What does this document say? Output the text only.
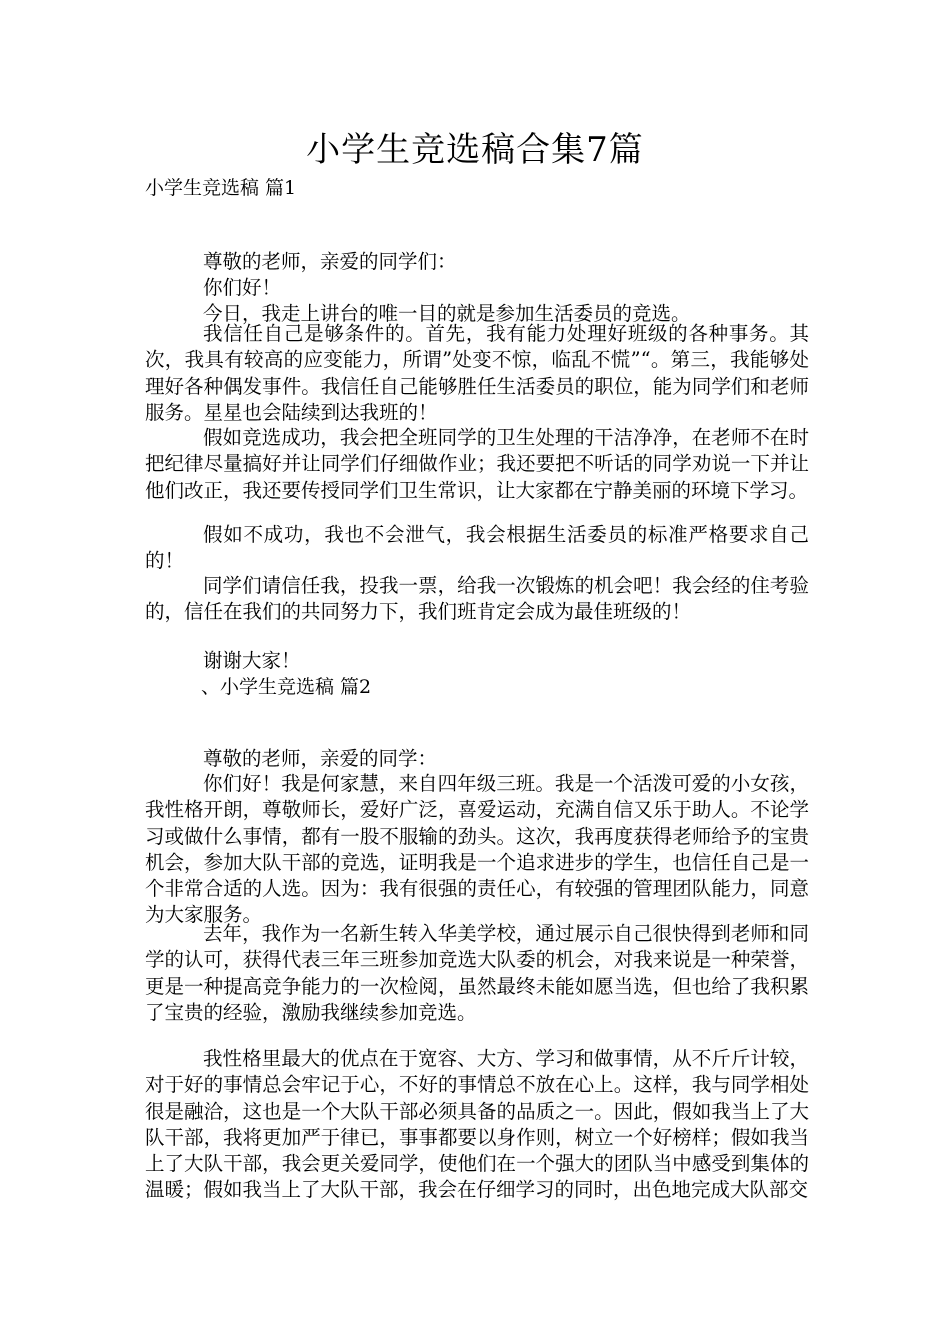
小学生竞选稿合集7篇
小学生竞选稿 篇1
尊敬的老师，亲爱的同学们：
你们好！
今日，我走上讲台的唯一目的就是参加生活委员的竞选。
我信任自己是够条件的。首先，我有能力处理好班级的各种事务。其次，我具有较高的应变能力，所谓”处变不惊，临乱不慌”“。第三，我能够处理好各种偶发事件。我信任自己能够胜任生活委员的职位，能为同学们和老师服务。星星也会陆续到达我班的！
假如竞选成功，我会把全班同学的卫生处理的干洁净净，在老师不在时把纪律尽量搞好并让同学们仔细做作业；我还要把不听话的同学劝说一下并让他们改正，我还要传授同学们卫生常识，让大家都在宁静美丽的环境下学习。
假如不成功，我也不会泄气，我会根据生活委员的标准严格要求自己的！
同学们请信任我，投我一票，给我一次锻炼的机会吧！我会经的住考验的，信任在我们的共同努力下，我们班肯定会成为最佳班级的！
谢谢大家！
、小学生竞选稿 篇2
尊敬的老师，亲爱的同学：
你们好！我是何家慧，来自四年级三班。我是一个活泼可爱的小女孩，我性格开朗，尊敬师长，爱好广泛，喜爱运动，充满自信又乐于助人。不论学习或做什么事情，都有一股不服输的劲头。这次，我再度获得老师给予的宝贵机会，参加大队干部的竞选，证明我是一个追求进步的学生，也信任自己是一个非常合适的人选。因为：我有很强的责任心，有较强的管理团队能力，同意为大家服务。
去年，我作为一名新生转入华美学校，通过展示自己很快得到老师和同学的认可，获得代表三年三班参加竞选大队委的机会，对我来说是一种荣誉，更是一种提高竞争能力的一次检阅，虽然最终未能如愿当选，但也给了我积累了宝贵的经验，激励我继续参加竞选。
我性格里最大的优点在于宽容、大方、学习和做事情，从不斤斤计较，对于好的事情总会牢记于心，不好的事情总不放在心上。这样，我与同学相处很是融洽，这也是一个大队干部必须具备的品质之一。因此，假如我当上了大队干部，我将更加严于律已，事事都要以身作则，树立一个好榜样；假如我当上了大队干部，我会更关爱同学，使他们在一个强大的团队当中感受到集体的温暖；假如我当上了大队干部，我会在仔细学习的同时，出色地完成大队部交
